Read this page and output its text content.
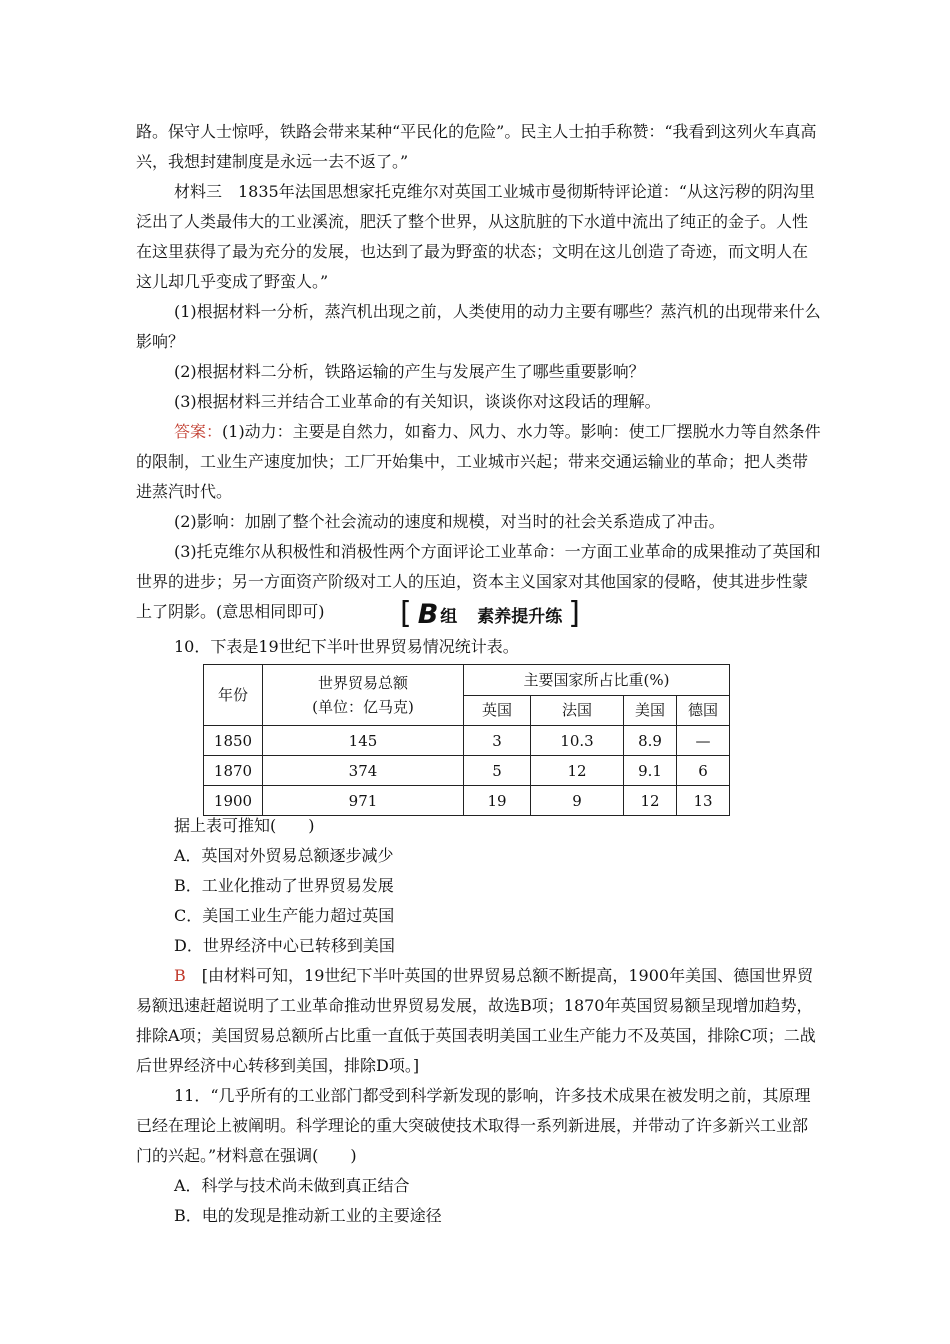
路。保守人士惊呼，铁路会带来某种“平民化的危险”。民主人士拍手称赞：“我看到这列火车真高兴，我想封建制度是永远一去不返了。”

材料三　1835年法国思想家托克维尔对英国工业城市曼彻斯特评论道：“从这污秽的阴沟里泛出了人类最伟大的工业溪流，肥沃了整个世界，从这肮脏的下水道中流出了纯正的金子。人性在这里获得了最为充分的发展，也达到了最为野蛮的状态；文明在这儿创造了奇迹，而文明人在这儿却几乎变成了野蛮人。”

(1)根据材料一分析，蒸汽机出现之前，人类使用的动力主要有哪些？蒸汽机的出现带来什么影响？

(2)根据材料二分析，铁路运输的产生与发展产生了哪些重要影响？

(3)根据材料三并结合工业革命的有关知识，谈谈你对这段话的理解。

答案：(1)动力：主要是自然力，如畜力、风力、水力等。影响：使工厂摆脱水力等自然条件的限制，工业生产速度加快；工厂开始集中，工业城市兴起；带来交通运输业的革命；把人类带进蒸汽时代。

(2)影响：加剧了整个社会流动的速度和规模，对当时的社会关系造成了冲击。

(3)托克维尔从积极性和消极性两个方面评论工业革命：一方面工业革命的成果推动了英国和世界的进步；另一方面资产阶级对工人的压迫，资本主义国家对其他国家的侵略，使其进步性蒙上了阴影。(意思相同即可)	[ B 组 素养提升练 ]

10．下表是19世纪下半叶世界贸易情况统计表。

年份	世界贸易总额
(单位：亿马克)	主要国家所占比重(%)			
		英国	法国	美国	德国
1850	145	3	10.3	8.9	—
1870	374	5	12	9.1	6
1900	971	19	9	12	13

据上表可推知(　　)

A．英国对外贸易总额逐步减少

B．工业化推动了世界贸易发展

C．美国工业生产能力超过英国

D．世界经济中心已转移到美国

B　[由材料可知，19世纪下半叶英国的世界贸易总额不断提高，1900年美国、德国世界贸易额迅速赶超说明了工业革命推动世界贸易发展，故选B项；1870年英国贸易额呈现增加趋势，排除A项；美国贸易总额所占比重一直低于英国表明美国工业生产能力不及英国，排除C项；二战后世界经济中心转移到美国，排除D项。]

11．“几乎所有的工业部门都受到科学新发现的影响，许多技术成果在被发明之前，其原理已经在理论上被阐明。科学理论的重大突破使技术取得一系列新进展，并带动了许多新兴工业部门的兴起。”材料意在强调(　　)

A．科学与技术尚未做到真正结合

B．电的发现是推动新工业的主要途径
